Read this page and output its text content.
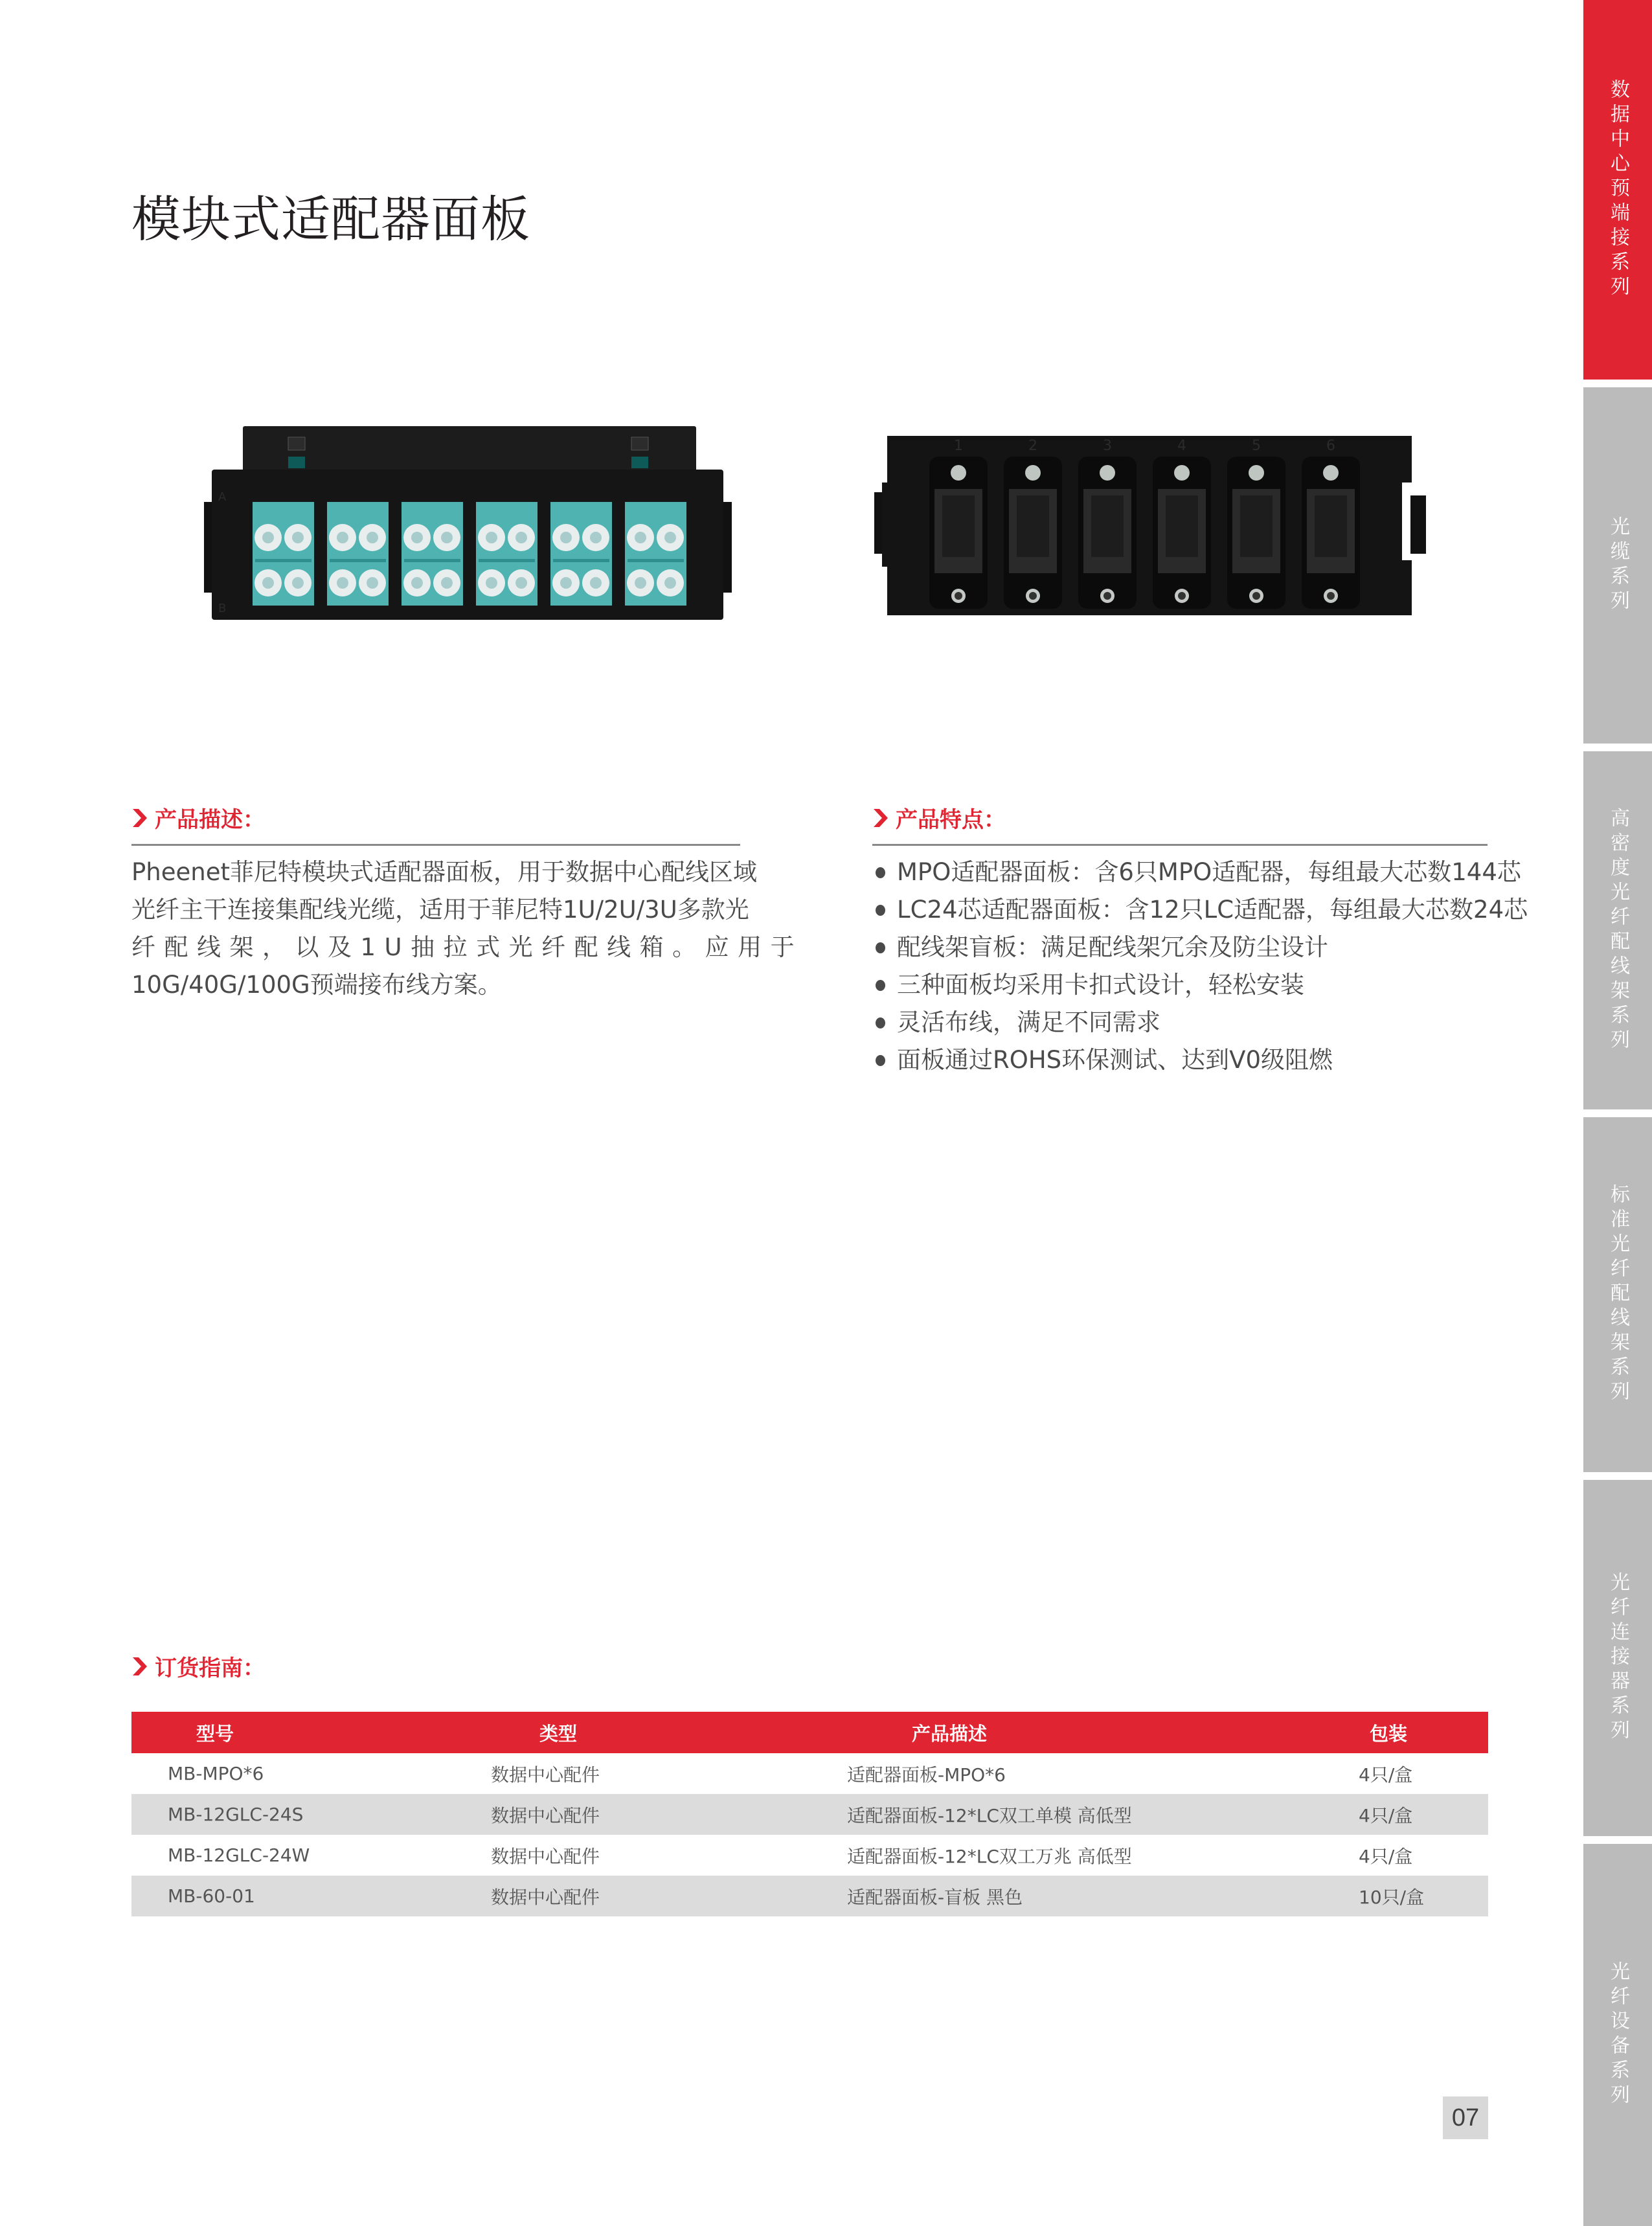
数据中心预端接系列
光缆系列
高密度光纤配线架系列
标准光纤配线架系列
光纤连接器系列
光纤设备系列
模块式适配器面板
A
B
1	2	3	4	5	6
产品描述：
Pheenet菲尼特模块式适配器面板，用于数据中心配线区域
光纤主干连接集配线光缆，适用于菲尼特1U/2U/3U多款光
纤配线架，以及1U抽拉式光纤配线箱。应用于
10G/40G/100G预端接布线方案。
产品特点：
MPO适配器面板：含6只MPO适配器，每组最大芯数144芯
LC24芯适配器面板：含12只LC适配器，每组最大芯数24芯
配线架盲板：满足配线架冗余及防尘设计
三种面板均采用卡扣式设计，轻松安装
灵活布线，满足不同需求
面板通过ROHS环保测试、达到V0级阻燃
订货指南：
型号	类型	产品描述	包装
MB-MPO*6	数据中心配件	适配器面板-MPO*6	4只/盒
MB-12GLC-24S	数据中心配件	适配器面板-12*LC双工单模 高低型	4只/盒
MB-12GLC-24W	数据中心配件	适配器面板-12*LC双工万兆 高低型	4只/盒
MB-60-01	数据中心配件	适配器面板-盲板 黑色	10只/盒
07
